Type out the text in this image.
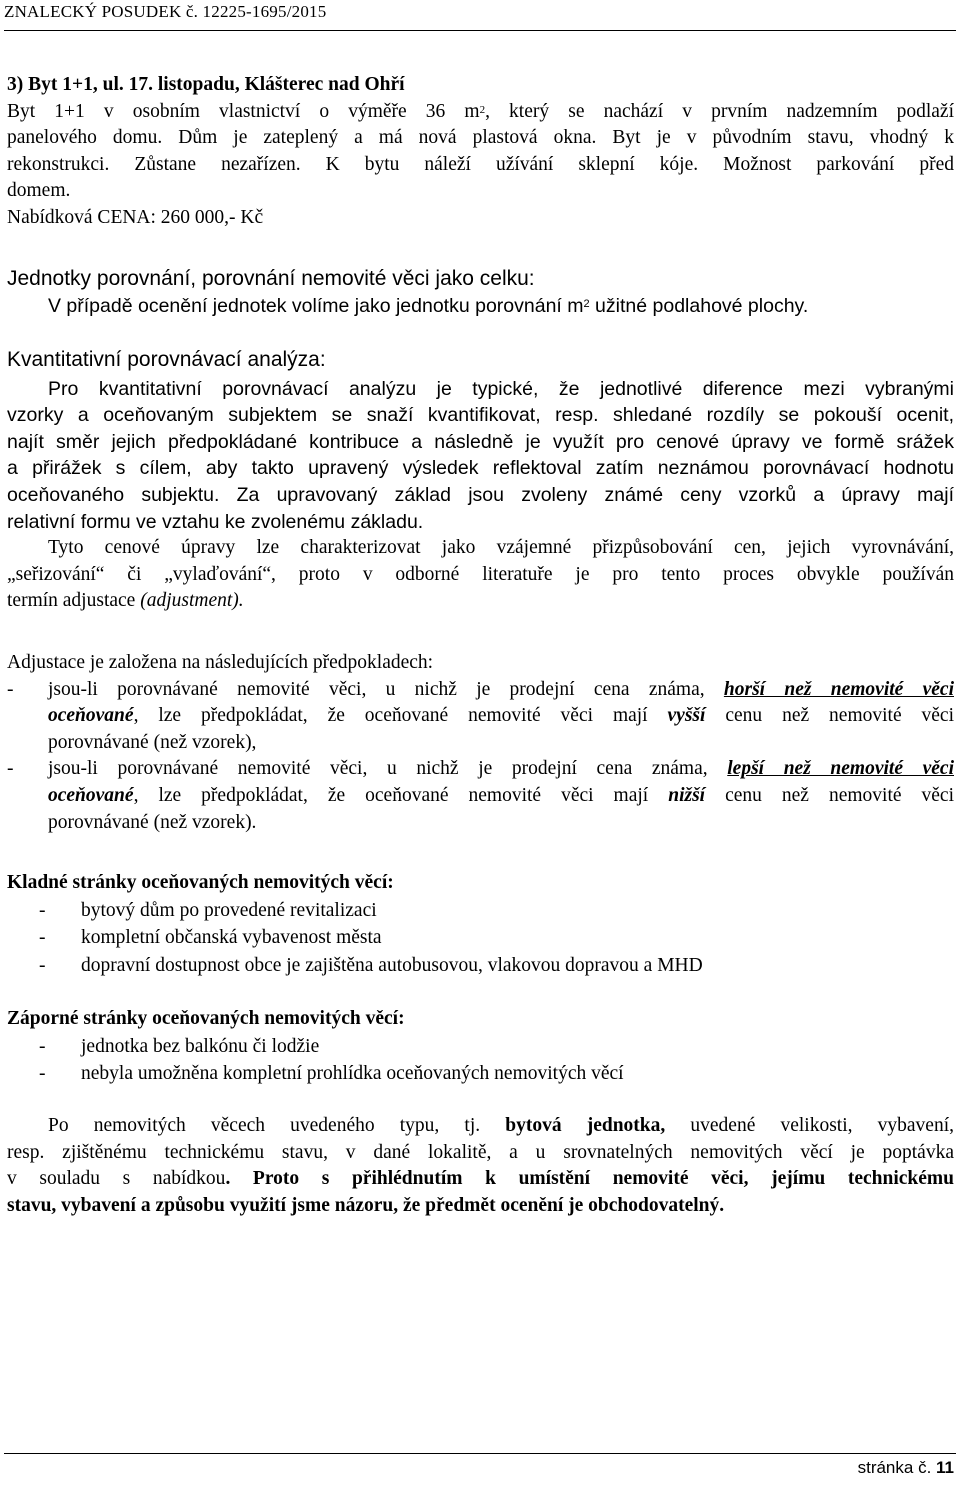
ZNALECKÝ POSUDEK č. 12225-1695/2015
3) Byt 1+1, ul. 17. listopadu, Klášterec nad Ohří
Byt 1+1 v osobním vlastnictví o výměře 36 $m^2$, který se nachází v prvním nadzemním podlaží
panelového domu. Dům je zateplený a má nová plastová okna. Byt je v původním stavu, vhodný k
rekonstrukci. Zůstane nezařízen. K bytu náleží užívání sklepní kóje. Možnost parkování před
domem.
Nabídková CENA: 260 000,- Kč
Jednotky porovnání, porovnání nemovité věci jako celku:
V případě ocenění jednotek volíme jako jednotku porovnání $m^2$ užitné podlahové plochy.
Kvantitativní porovnávací analýza:
Pro kvantitativní porovnávací analýzu je typické, že jednotlivé diference mezi vybranými
vzorky a oceňovaným subjektem se snaží kvantifikovat, resp. shledané rozdíly se pokouší ocenit,
najít směr jejich předpokládané kontribuce a následně je využít pro cenové úpravy ve formě srážek
a přirážek s cílem, aby takto upravený výsledek reflektoval zatím neznámou porovnávací hodnotu
oceňovaného subjektu. Za upravovaný základ jsou zvoleny známé ceny vzorků a úpravy mají
relativní formu ve vztahu ke zvolenému základu.
Tyto cenové úpravy lze charakterizovat jako vzájemné přizpůsobování cen, jejich vyrovnávání,
„seřizování“ či „vylaďování“, proto v odborné literatuře je pro tento proces obvykle používán
termín adjustace (adjustment).
Adjustace je založena na následujících předpokladech:
- jsou-li porovnávané nemovité věci, u nichž je prodejní cena známa, horší než nemovité věci
oceňované, lze předpokládat, že oceňované nemovité věci mají vyšší cenu než nemovité věci
porovnávané (než vzorek),
- jsou-li porovnávané nemovité věci, u nichž je prodejní cena známa, lepší než nemovité věci
oceňované, lze předpokládat, že oceňované nemovité věci mají nižší cenu než nemovité věci
porovnávané (než vzorek).
Kladné stránky oceňovaných nemovitých věcí:
-	bytový dům po provedené revitalizaci
-	kompletní občanská vybavenost města
-	dopravní dostupnost obce je zajištěna autobusovou, vlakovou dopravou a MHD
Záporné stránky oceňovaných nemovitých věcí:
-	jednotka bez balkónu či lodžie
-	nebyla umožněna kompletní prohlídka oceňovaných nemovitých věcí
Po nemovitých věcech uvedeného typu, tj. bytová jednotka, uvedené velikosti, vybavení,
resp. zjištěnému technickému stavu, v dané lokalitě, a u srovnatelných nemovitých věcí je poptávka
v souladu s nabídkou. Proto s přihlédnutím k umístění nemovité věci, jejímu technickému
stavu, vybavení a způsobu využití jsme názoru, že předmět ocenění je obchodovatelný.
stránka č. 11
